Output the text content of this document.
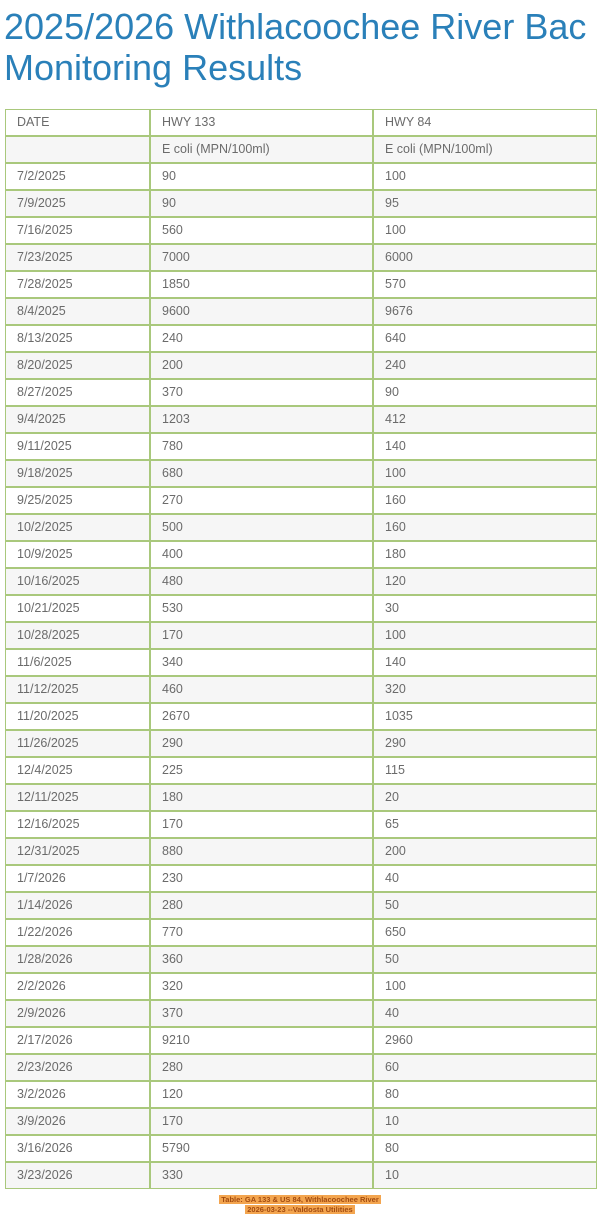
2025/2026 Withlacoochee River Bac
Monitoring Results
DATE	HWY 133	HWY 84
	E coli (MPN/100ml)	E coli (MPN/100ml)
7/2/2025	90	100
7/9/2025	90	95
7/16/2025	560	100
7/23/2025	7000	6000
7/28/2025	1850	570
8/4/2025	9600	9676
8/13/2025	240	640
8/20/2025	200	240
8/27/2025	370	90
9/4/2025	1203	412
9/11/2025	780	140
9/18/2025	680	100
9/25/2025	270	160
10/2/2025	500	160
10/9/2025	400	180
10/16/2025	480	120
10/21/2025	530	30
10/28/2025	170	100
11/6/2025	340	140
11/12/2025	460	320
11/20/2025	2670	1035
11/26/2025	290	290
12/4/2025	225	115
12/11/2025	180	20
12/16/2025	170	65
12/31/2025	880	200
1/7/2026	230	40
1/14/2026	280	50
1/22/2026	770	650
1/28/2026	360	50
2/2/2026	320	100
2/9/2026	370	40
2/17/2026	9210	2960
2/23/2026	280	60
3/2/2026	120	80
3/9/2026	170	10
3/16/2026	5790	80
3/23/2026	330	10
Table: GA 133 & US 84, Withlacoochee River
2026-03-23 --Valdosta Utilities
